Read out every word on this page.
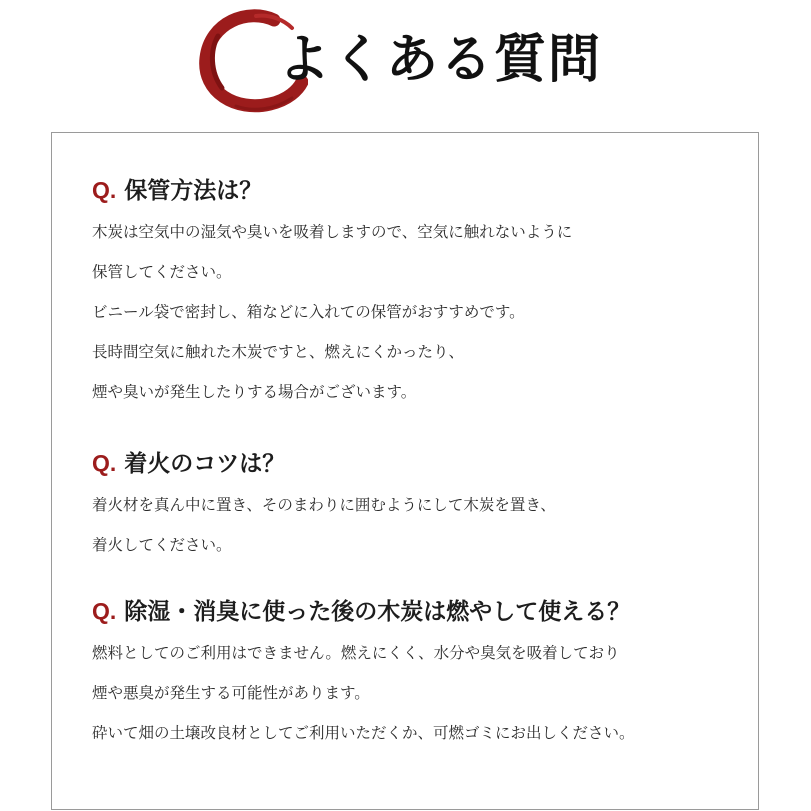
よくある質問
Q. 保管方法は？
木炭は空気中の湿気や臭いを吸着しますので、空気に触れないように
保管してください。
ビニール袋で密封し、箱などに入れての保管がおすすめです。
長時間空気に触れた木炭ですと、燃えにくかったり、
煙や臭いが発生したりする場合がございます。
Q. 着火のコツは？
着火材を真ん中に置き、そのまわりに囲むようにして木炭を置き、
着火してください。
Q. 除湿・消臭に使った後の木炭は燃やして使える？
燃料としてのご利用はできません。燃えにくく、水分や臭気を吸着しており
煙や悪臭が発生する可能性があります。
砕いて畑の土壌改良材としてご利用いただくか、可燃ゴミにお出しください。
